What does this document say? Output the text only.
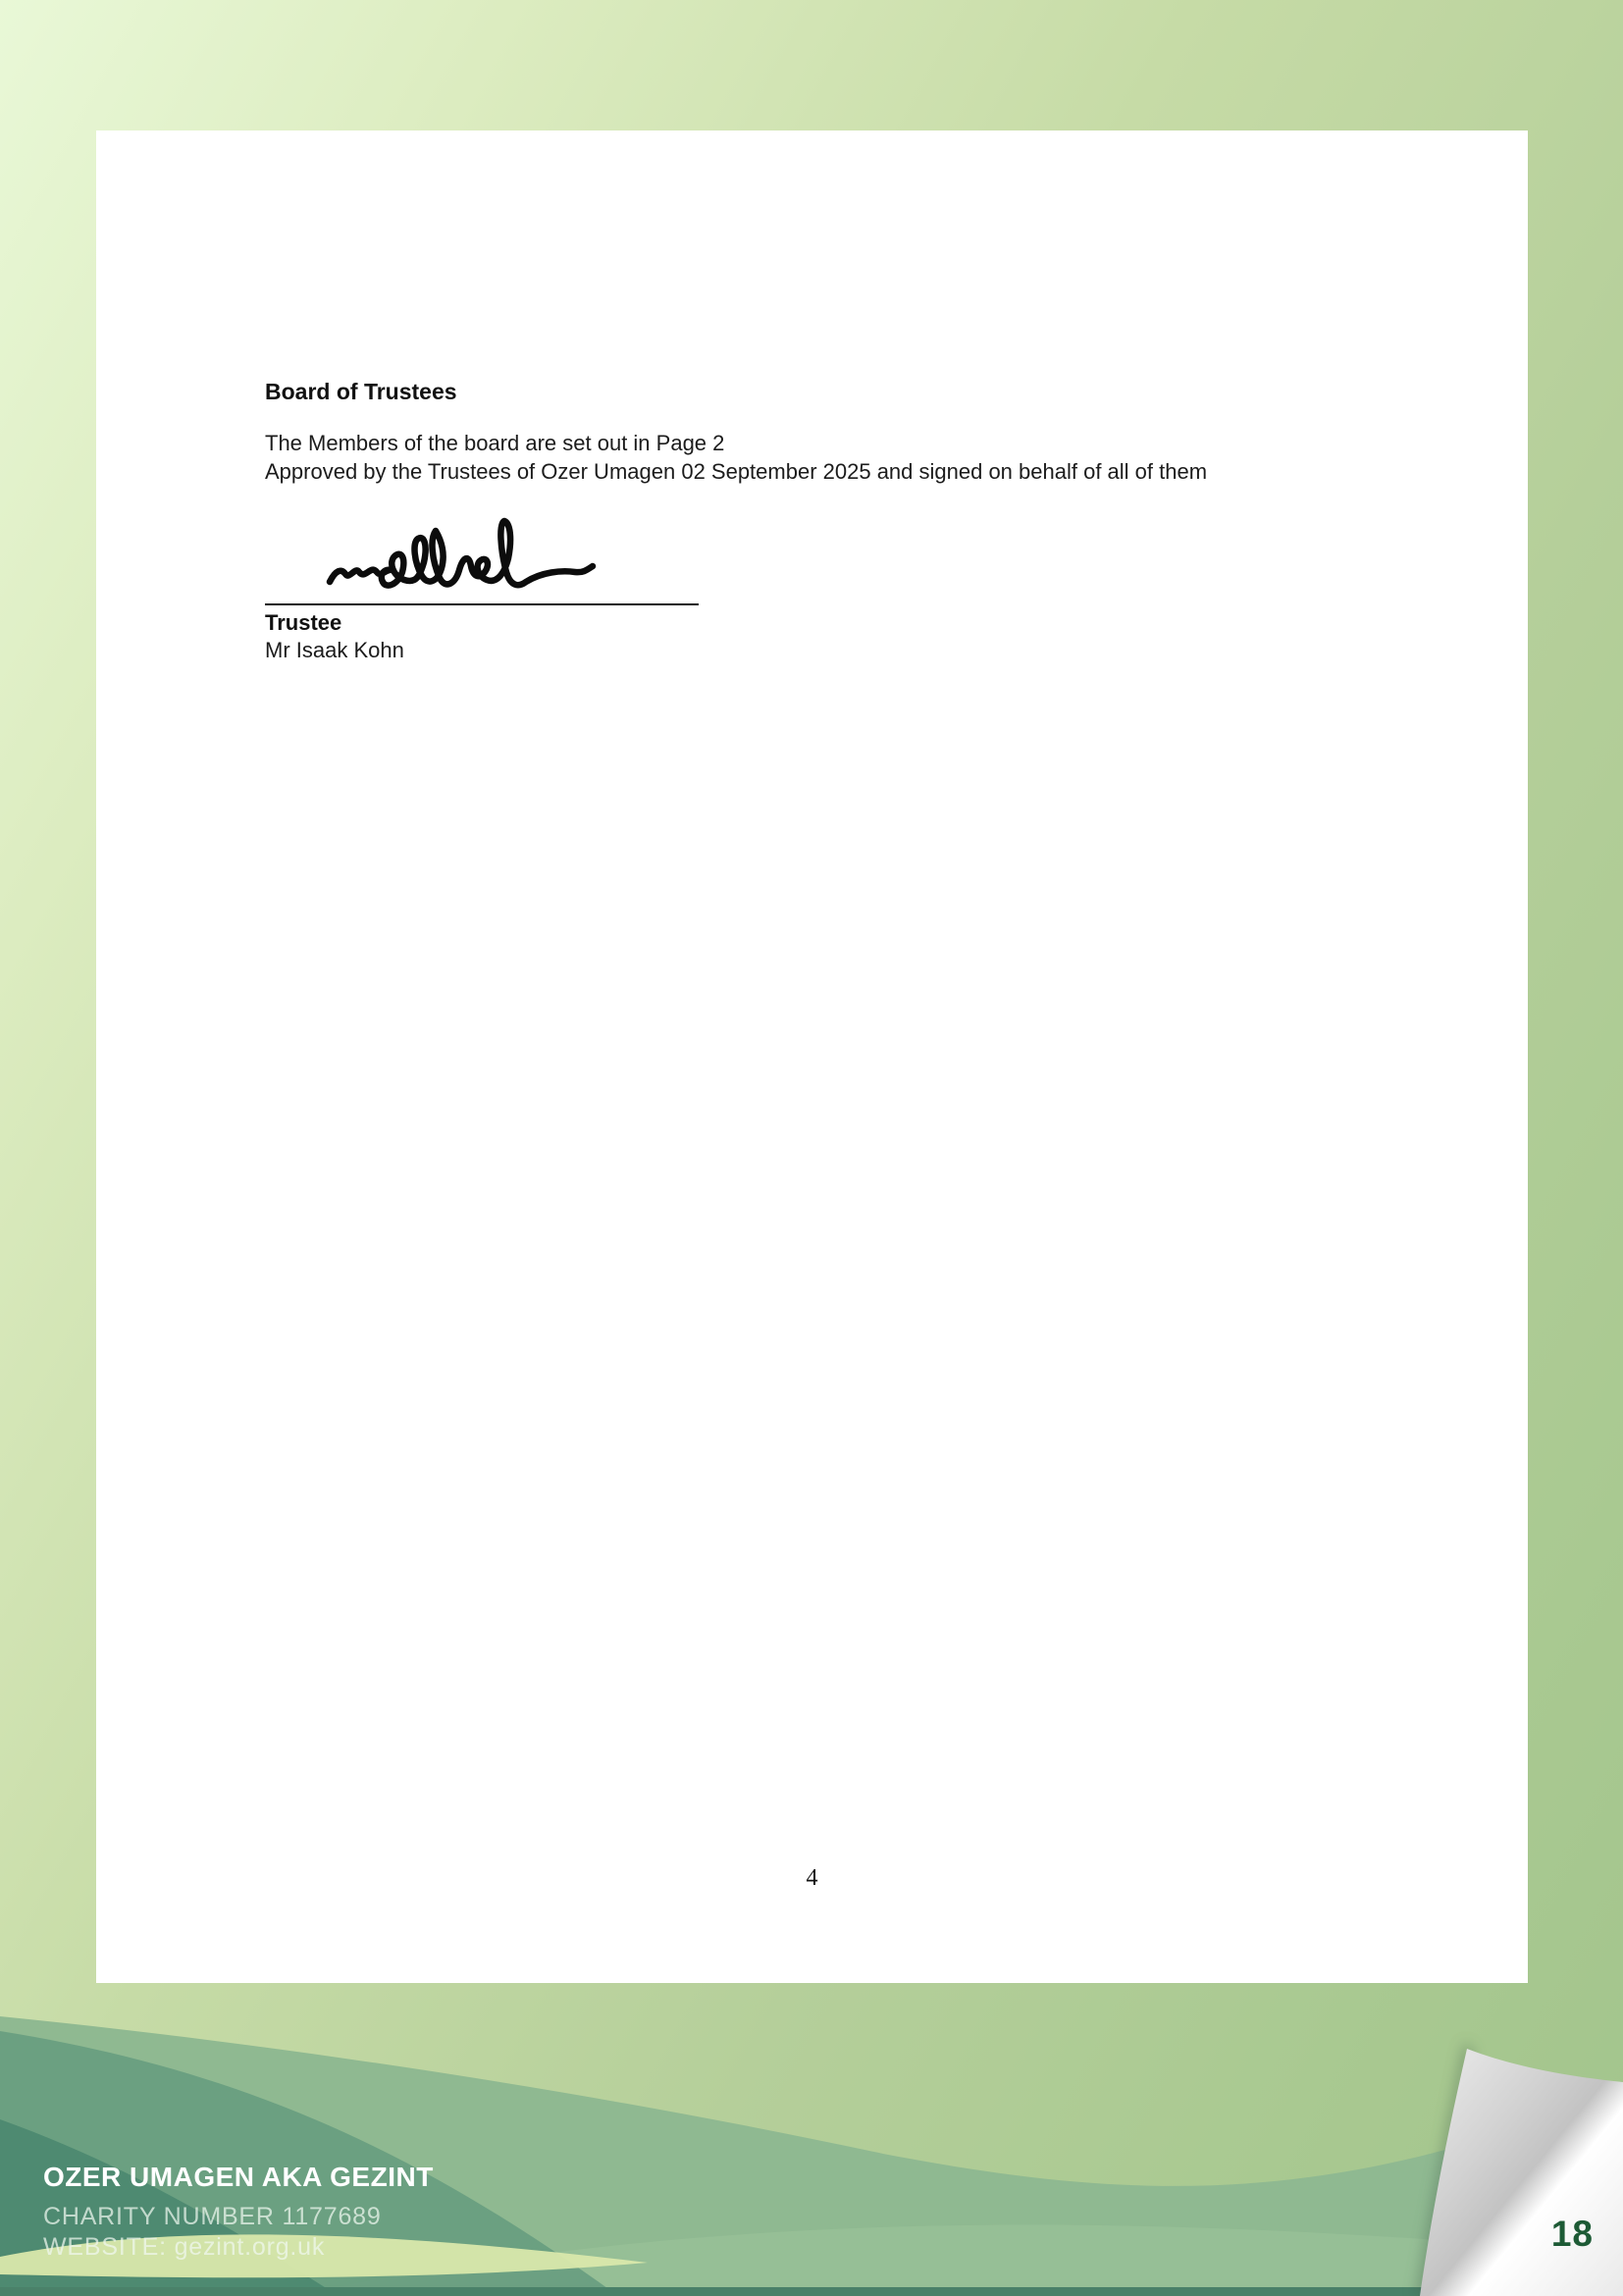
Board of Trustees

The Members of the board are set out in Page 2

Approved by the Trustees of Ozer Umagen 02 September 2025 and signed on behalf of all of them

Trustee
Mr Isaak Kohn
4
OZER UMAGEN AKA GEZINT
CHARITY NUMBER 1177689
WEBSITE: gezint.org.uk	18
